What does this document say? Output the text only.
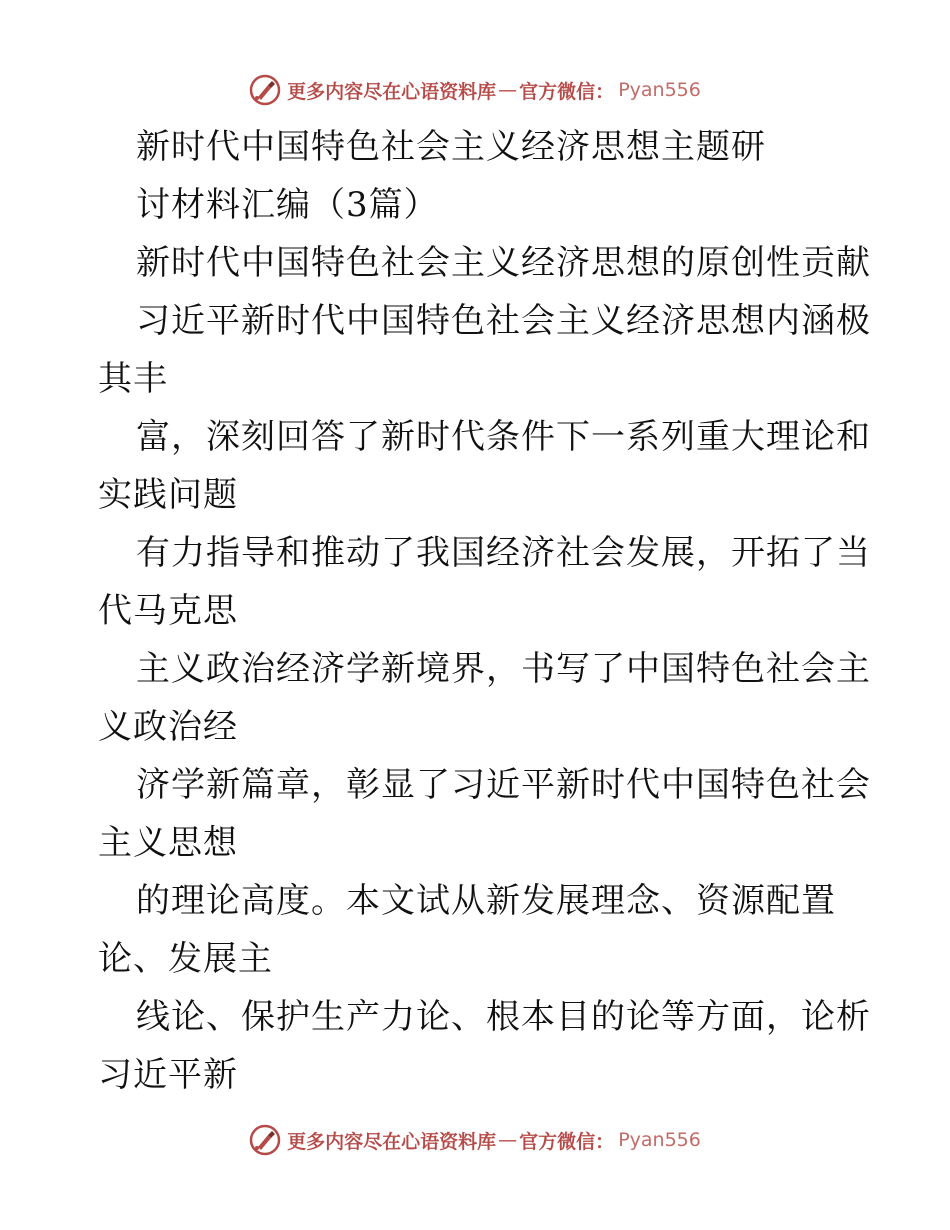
更多内容尽在心语资料库 — 官方微信： Pyan556
新时代中国特色社会主义经济思想主题研
讨材料汇编（3篇）
新时代中国特色社会主义经济思想的原创性贡献
习近平新时代中国特色社会主义经济思想内涵极
其丰
富，深刻回答了新时代条件下一系列重大理论和
实践问题
有力指导和推动了我国经济社会发展，开拓了当
代马克思
主义政治经济学新境界，书写了中国特色社会主
义政治经
济学新篇章，彰显了习近平新时代中国特色社会
主义思想
的理论高度。本文试从新发展理念、资源配置
论、发展主
线论、保护生产力论、根本目的论等方面，论析
习近平新
更多内容尽在心语资料库 — 官方微信： Pyan556
